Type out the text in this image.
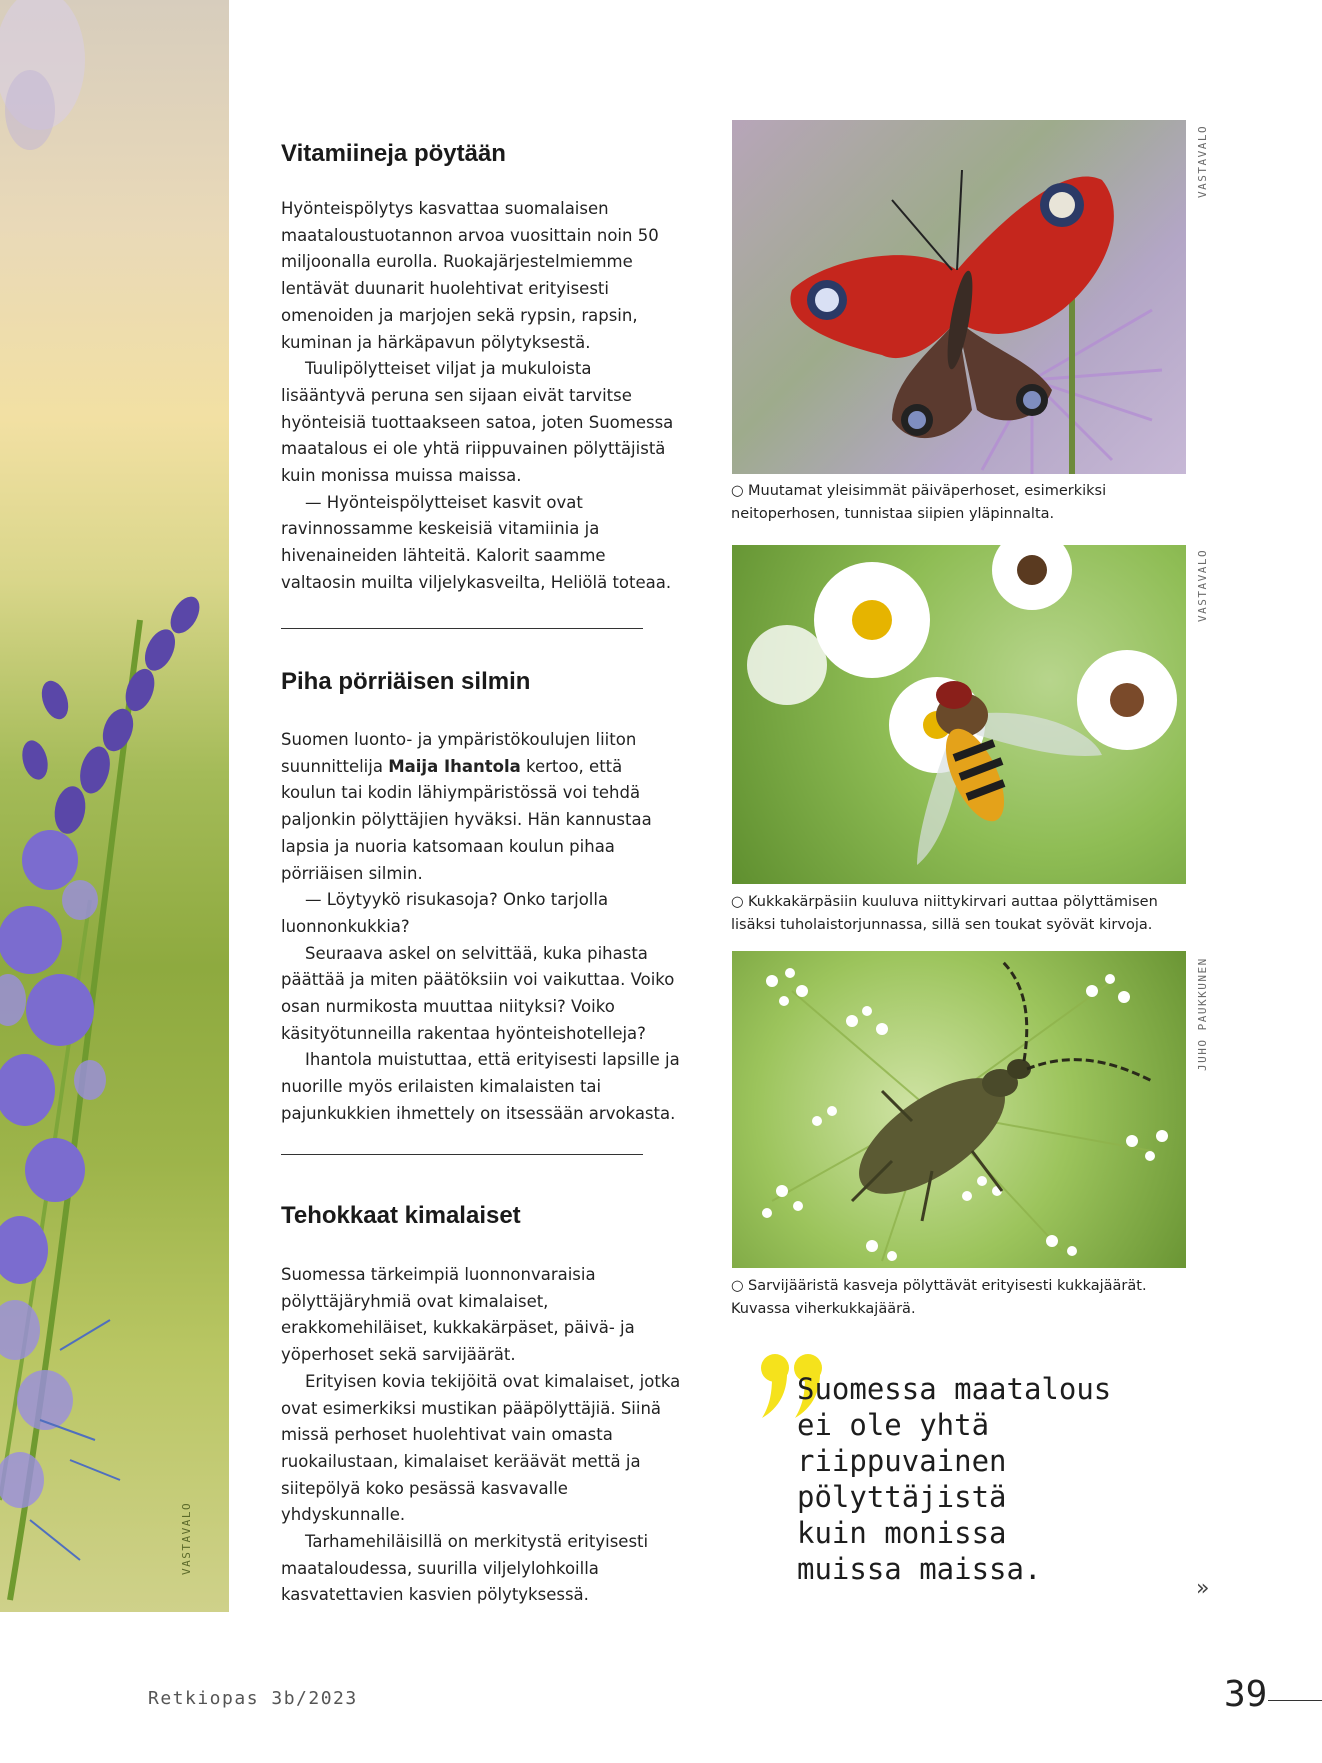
VASTAVALO
Vitamiineja pöytään

Hyönteispölytys kasvattaa suomalaisen maataloustuotannon arvoa vuosittain noin 50 miljoonalla eurolla. Ruokajärjestelmiemme lentävät duunarit huolehtivat erityisesti omenoiden ja marjojen sekä rypsin, rapsin, kuminan ja härkäpavun pölytyksestä.

Tuulipölytteiset viljat ja mukuloista lisääntyvä peruna sen sijaan eivät tarvitse hyönteisiä tuottaakseen satoa, joten Suomessa maatalous ei ole yhtä riippuvainen pölyttäjistä kuin monissa muissa maissa.

— Hyönteispölytteiset kasvit ovat ravinnossamme keskeisiä vitamiinia ja hivenaineiden lähteitä. Kalorit saamme valtaosin muilta viljelykasveilta, Heliölä toteaa.

Piha pörriäisen silmin

Suomen luonto- ja ympäristökoulujen liiton suunnittelija Maija Ihantola kertoo, että koulun tai kodin lähiympäristössä voi tehdä paljonkin pölyttäjien hyväksi. Hän kannustaa lapsia ja nuoria katsomaan koulun pihaa pörriäisen silmin.

— Löytyykö risukasoja? Onko tarjolla luonnonkukkia?

Seuraava askel on selvittää, kuka pihasta päättää ja miten päätöksiin voi vaikuttaa. Voiko osan nurmikosta muuttaa niityksi? Voiko käsityötunneilla rakentaa hyönteishotelleja?

Ihantola muistuttaa, että erityisesti lapsille ja nuorille myös erilaisten kimalaisten tai pajunkukkien ihmettely on itsessään arvokasta.

Tehokkaat kimalaiset

Suomessa tärkeimpiä luonnonvaraisia pölyttäjäryhmiä ovat kimalaiset, erakkomehiläiset, kukkakärpäset, päivä- ja yöperhoset sekä sarvijäärät.

Erityisen kovia tekijöitä ovat kimalaiset, jotka ovat esimerkiksi mustikan pääpölyttäjiä. Siinä missä perhoset huolehtivat vain omasta ruokailustaan, kimalaiset keräävät mettä ja siitepölyä koko pesässä kasvavalle yhdyskunnalle.

Tarhamehiläisillä on merkitystä erityisesti maataloudessa, suurilla viljelylohkoilla kasvatettavien kasvien pölytyksessä.

VASTAVALO
○ Muutamat yleisimmät päiväperhoset, esimerkiksi neitoperhosen, tunnistaa siipien yläpinnalta.
VASTAVALO
○ Kukkakärpäsiin kuuluva niittykirvari auttaa pölyttämisen lisäksi tuholaistorjunnassa, sillä sen toukat syövät kirvoja.
JUHO PAUKKUNEN
○ Sarvijääristä kasveja pölyttävät erityisesti kukkajäärät. Kuvassa viherkukkajäärä.
Suomessa maatalous
ei ole yhtä
riippuvainen
pölyttäjistä
kuin monissa
muissa maissa.
»
Retkiopas 3b/2023	39
